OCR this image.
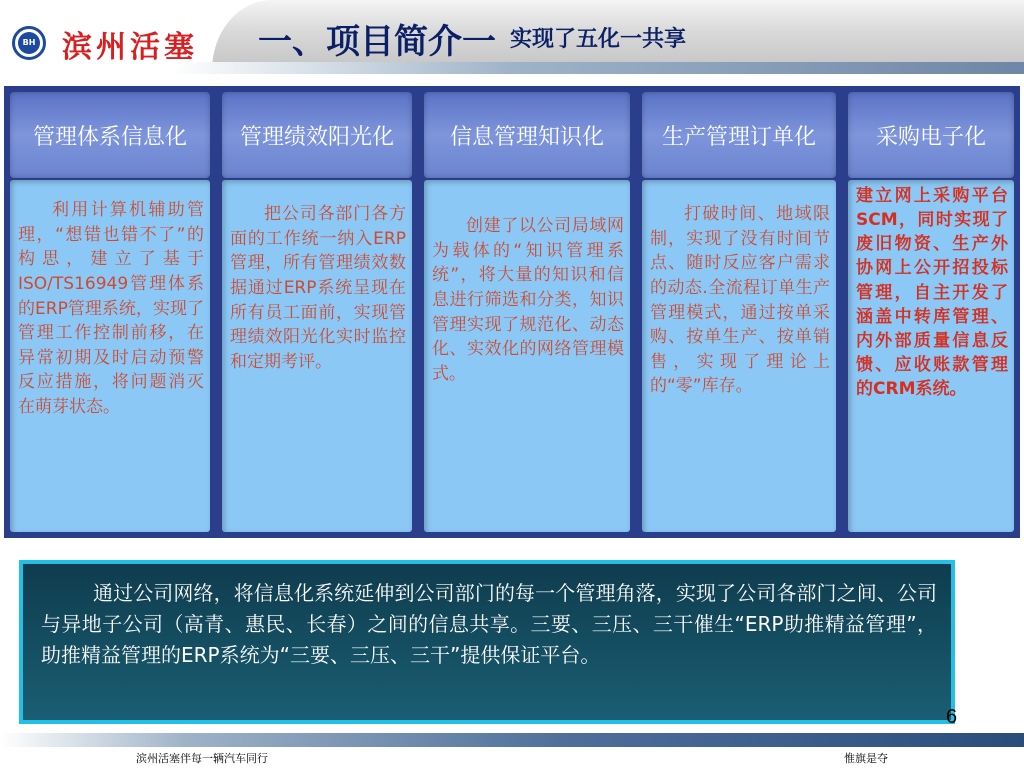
BH 滨州活塞 一、项目简介一 实现了五化一共享
管理体系信息化
利用计算机辅助管理，“想错也错不了”的构思，建立了基于ISO/TS16949管理体系的ERP管理系统，实现了管理工作控制前移，在异常初期及时启动预警反应措施，将问题消灭在萌芽状态。
管理绩效阳光化
把公司各部门各方面的工作统一纳入ERP管理，所有管理绩效数据通过ERP系统呈现在所有员工面前，实现管理绩效阳光化实时监控和定期考评。
信息管理知识化
创建了以公司局域网为载体的“知识管理系统”，将大量的知识和信息进行筛选和分类，知识管理实现了规范化、动态化、实效化的网络管理模式。
生产管理订单化
打破时间、地域限制，实现了没有时间节点、随时反应客户需求的动态.全流程订单生产管理模式，通过按单采购、按单生产、按单销售，实现了理论上的“零”库存。
采购电子化
建立网上采购平台SCM，同时实现了废旧物资、生产外协网上公开招投标管理，自主开发了涵盖中转库管理、内外部质量信息反馈、应收账款管理的CRM系统。
通过公司网络，将信息化系统延伸到公司部门的每一个管理角落，实现了公司各部门之间、公司与异地子公司（高青、惠民、长春）之间的信息共享。三要、三压、三干催生“ERP助推精益管理”，助推精益管理的ERP系统为“三要、三压、三干”提供保证平台。
6
滨州活塞伴每一辆汽车同行	惟旗是夺
